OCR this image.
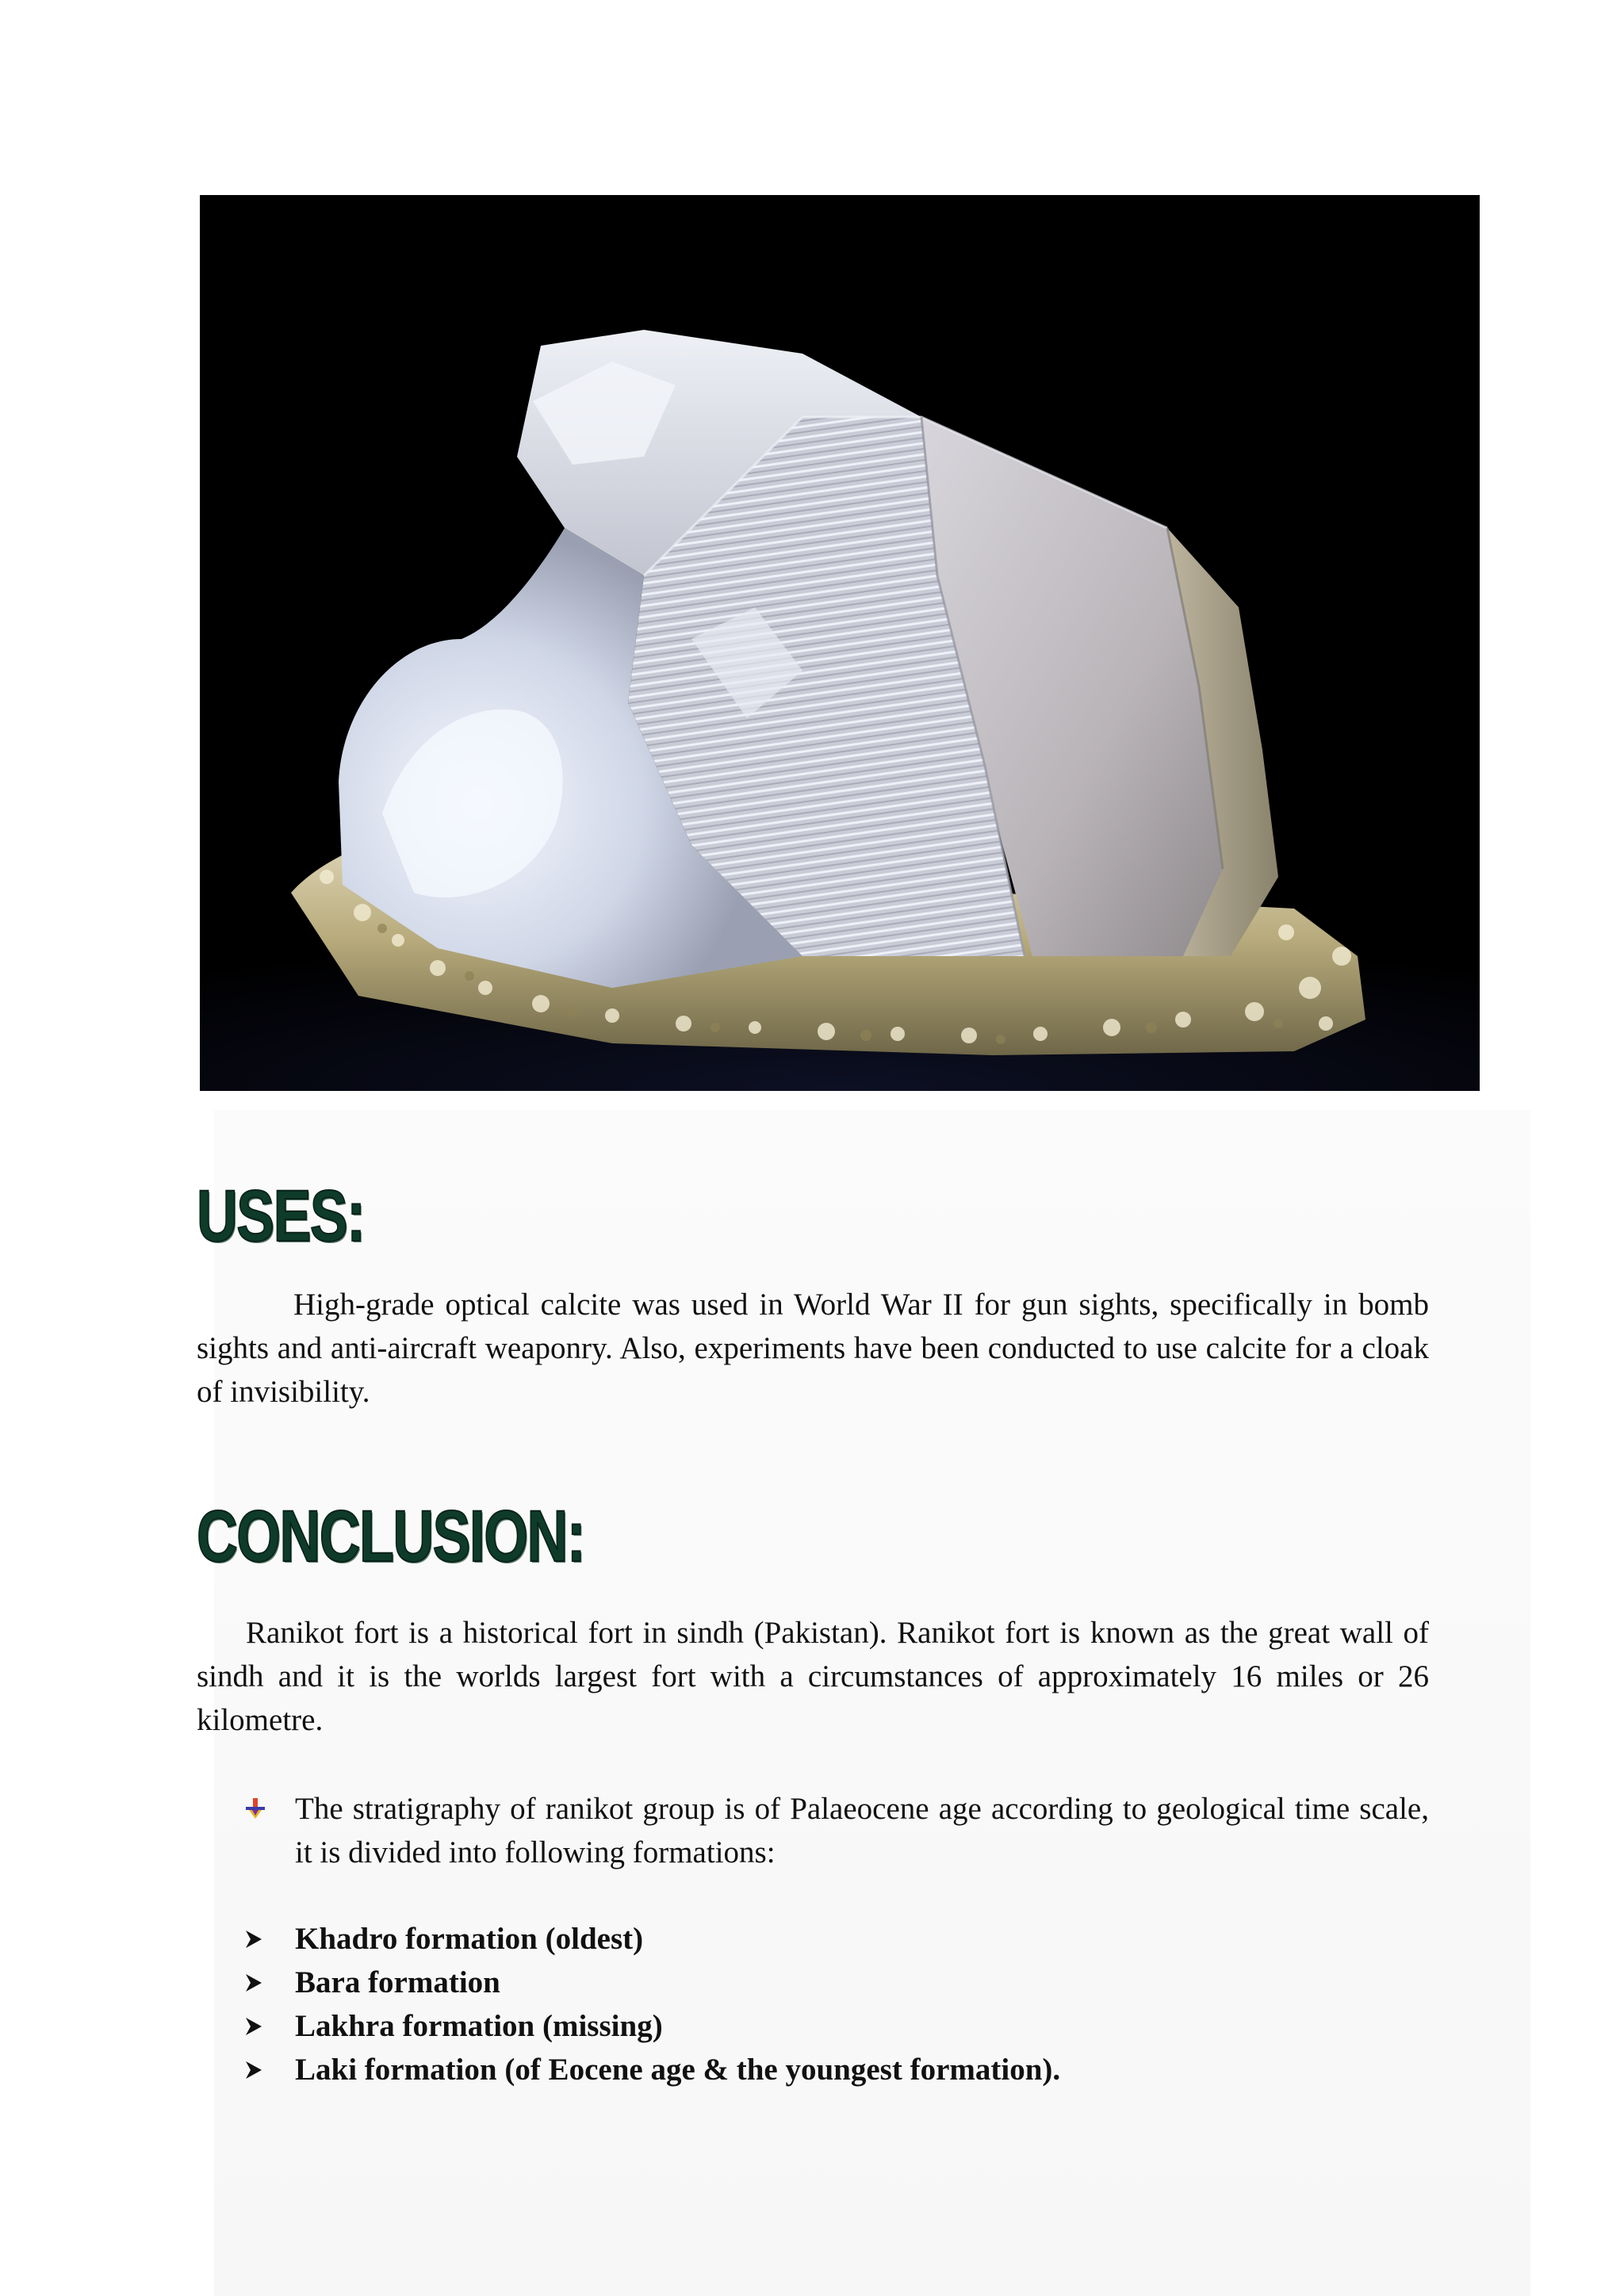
USES:

High-grade optical calcite was used in World War II for gun sights, specifically in bomb sights and anti-aircraft weaponry. Also, experiments have been conducted to use calcite for a cloak of invisibility.

CONCLUSION:

Ranikot fort is a historical fort in sindh (Pakistan). Ranikot fort is known as the great wall of sindh and it is the worlds largest fort with a circumstances of approximately 16 miles or 26 kilometre.

The stratigraphy of ranikot group is of Palaeocene age according to geological time scale, it is divided into following formations:
Khadro formation (oldest)
Bara formation
Lakhra formation (missing)
Laki formation (of Eocene age & the youngest formation).
